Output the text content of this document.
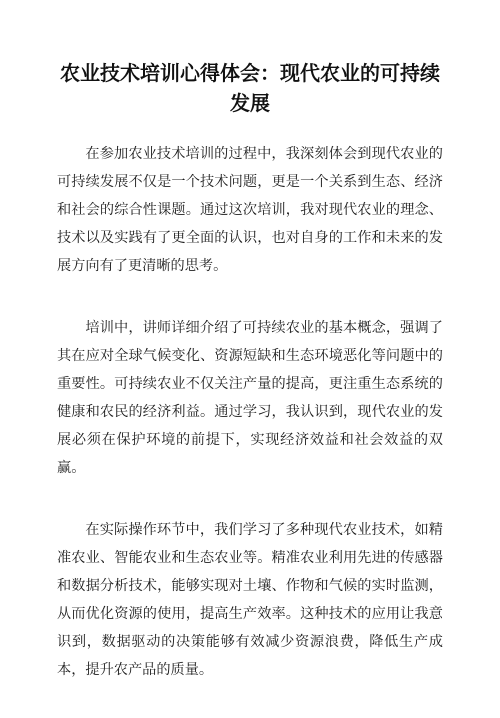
农业技术培训心得体会：现代农业的可持续发展

在参加农业技术培训的过程中，我深刻体会到现代农业的可持续发展不仅是一个技术问题，更是一个关系到生态、经济和社会的综合性课题。通过这次培训，我对现代农业的理念、技术以及实践有了更全面的认识，也对自身的工作和未来的发展方向有了更清晰的思考。

培训中，讲师详细介绍了可持续农业的基本概念，强调了其在应对全球气候变化、资源短缺和生态环境恶化等问题中的重要性。可持续农业不仅关注产量的提高，更注重生态系统的健康和农民的经济利益。通过学习，我认识到，现代农业的发展必须在保护环境的前提下，实现经济效益和社会效益的双赢。

在实际操作环节中，我们学习了多种现代农业技术，如精准农业、智能农业和生态农业等。精准农业利用先进的传感器和数据分析技术，能够实现对土壤、作物和气候的实时监测，从而优化资源的使用，提高生产效率。这种技术的应用让我意识到，数据驱动的决策能够有效减少资源浪费，降低生产成本，提升农产品的质量。
